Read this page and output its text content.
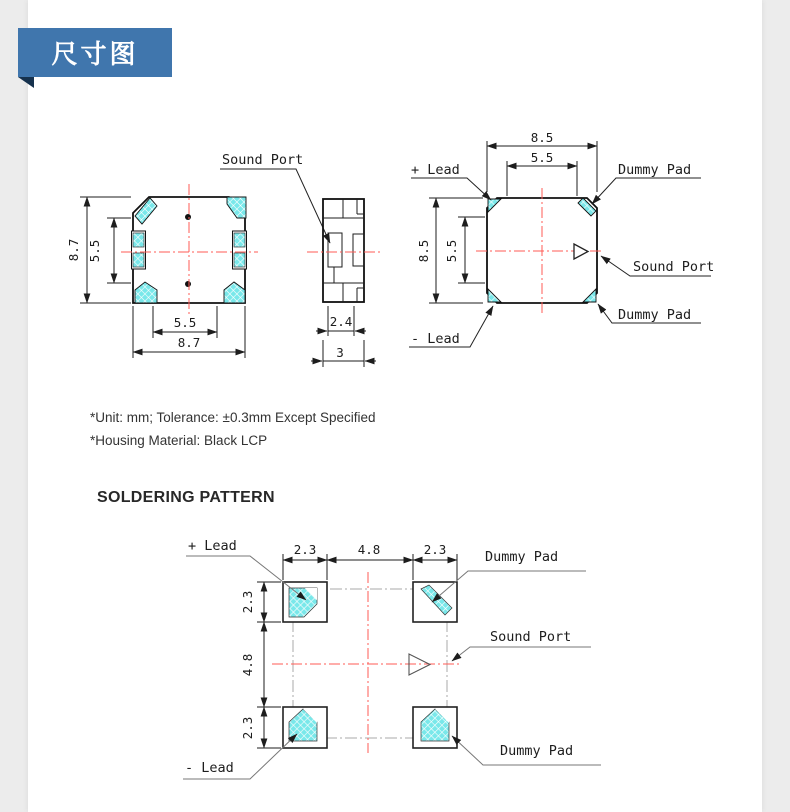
尺寸图
*Unit: mm; Tolerance: ±0.3mm Except Specified
*Housing Material: Black LCP
SOLDERING PATTERN
8.7 5.5
5.5
8.7
Sound Port
2.4
3
8.5
5.5
8.5 5.5
+ Lead	Dummy Pad
Sound Port
Dummy Pad
- Lead
2.3	4.8	2.3
2.3
4.8
2.3
+ Lead
Dummy Pad
Sound Port
Dummy Pad
- Lead
